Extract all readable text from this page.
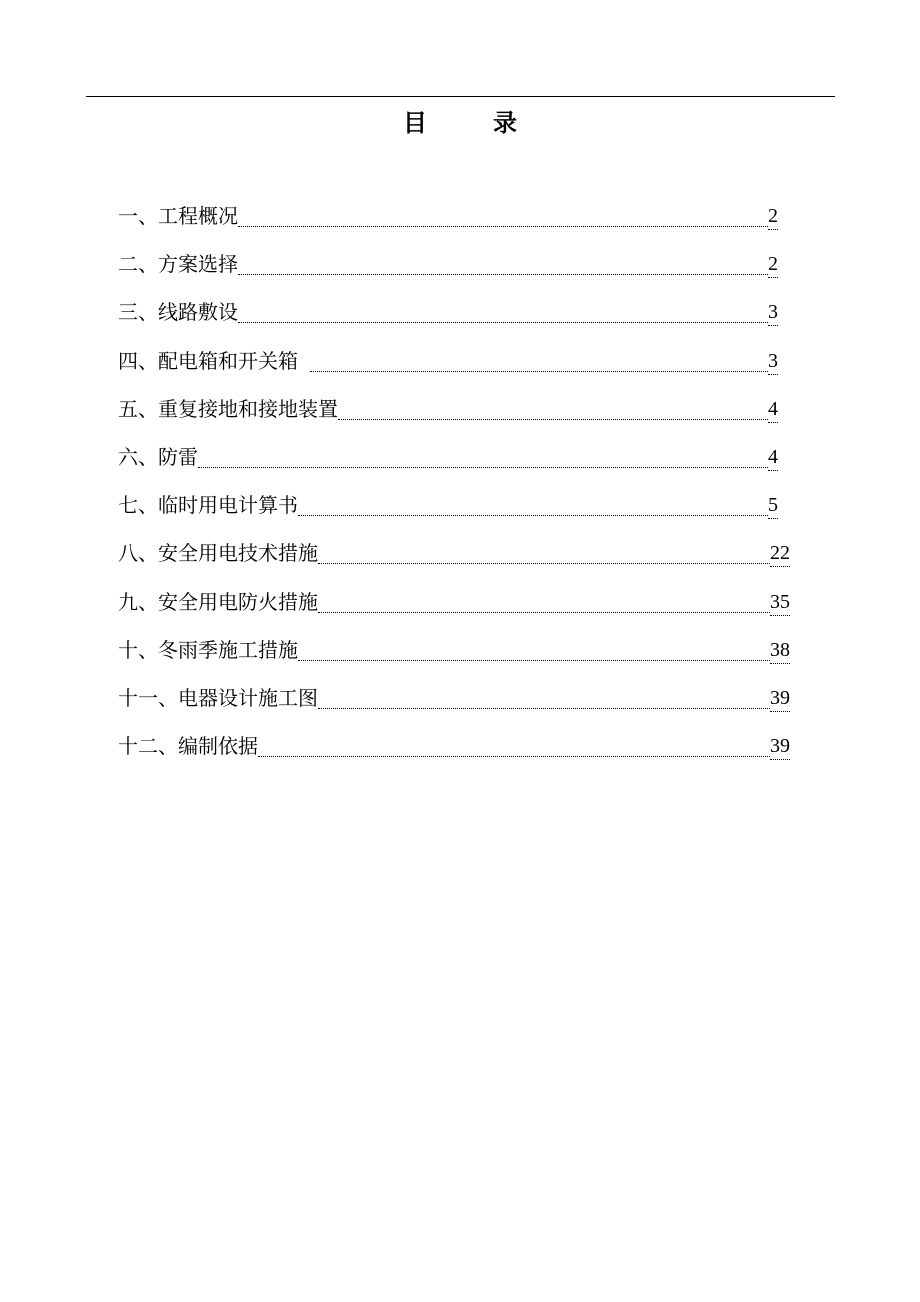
目	录
一、工程概况	2
二、方案选择	2
三、线路敷设	3
四、配电箱和开关箱	3
五、重复接地和接地装置	4
六、防雷	4
七、临时用电计算书	5
八、安全用电技术措施	22
九、安全用电防火措施	35
十、冬雨季施工措施	38
十一、电器设计施工图	39
十二、编制依据	39
